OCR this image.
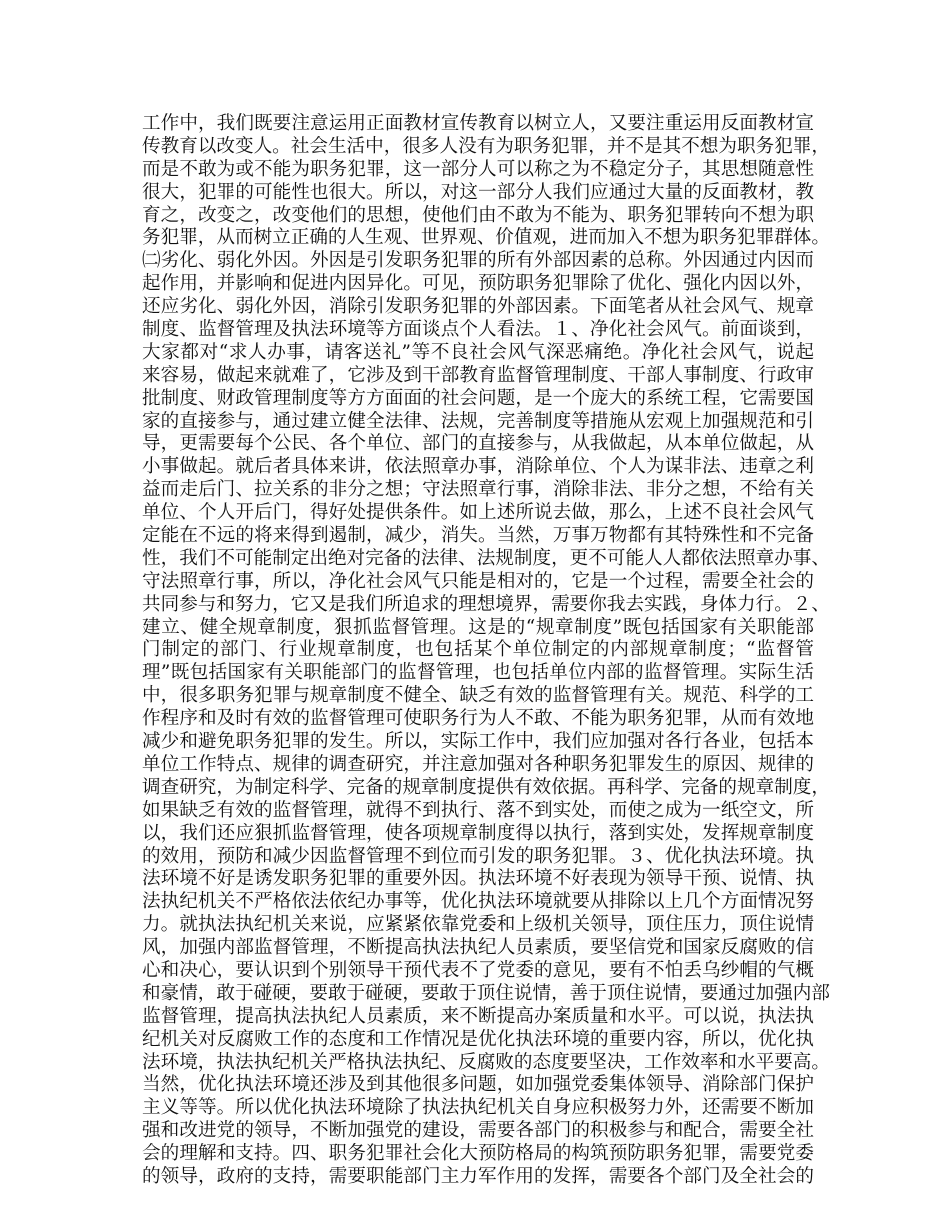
工作中，我们既要注意运用正面教材宣传教育以树立人，又要注重运用反面教材宣
传教育以改变人。社会生活中，很多人没有为职务犯罪，并不是其不想为职务犯罪，
而是不敢为或不能为职务犯罪，这一部分人可以称之为不稳定分子，其思想随意性
很大，犯罪的可能性也很大。所以，对这一部分人我们应通过大量的反面教材，教
育之，改变之，改变他们的思想，使他们由不敢为不能为、职务犯罪转向不想为职
务犯罪，从而树立正确的人生观、世界观、价值观，进而加入不想为职务犯罪群体。
㈡劣化、弱化外因。外因是引发职务犯罪的所有外部因素的总称。外因通过内因而
起作用，并影响和促进内因异化。可见，预防职务犯罪除了优化、强化内因以外，
还应劣化、弱化外因，消除引发职务犯罪的外部因素。下面笔者从社会风气、规章
制度、监督管理及执法环境等方面谈点个人看法。１、净化社会风气。前面谈到，
大家都对“求人办事，请客送礼”等不良社会风气深恶痛绝。净化社会风气，说起
来容易，做起来就难了，它涉及到干部教育监督管理制度、干部人事制度、行政审
批制度、财政管理制度等方方面面的社会问题，是一个庞大的系统工程，它需要国
家的直接参与，通过建立健全法律、法规，完善制度等措施从宏观上加强规范和引
导，更需要每个公民、各个单位、部门的直接参与，从我做起，从本单位做起，从
小事做起。就后者具体来讲，依法照章办事，消除单位、个人为谋非法、违章之利
益而走后门、拉关系的非分之想；守法照章行事，消除非法、非分之想，不给有关
单位、个人开后门，得好处提供条件。如上述所说去做，那么，上述不良社会风气
定能在不远的将来得到遏制，减少，消失。当然，万事万物都有其特殊性和不完备
性，我们不可能制定出绝对完备的法律、法规制度，更不可能人人都依法照章办事、
守法照章行事，所以，净化社会风气只能是相对的，它是一个过程，需要全社会的
共同参与和努力，它又是我们所追求的理想境界，需要你我去实践，身体力行。２、
建立、健全规章制度，狠抓监督管理。这是的“规章制度”既包括国家有关职能部
门制定的部门、行业规章制度，也包括某个单位制定的内部规章制度；“监督管
理”既包括国家有关职能部门的监督管理，也包括单位内部的监督管理。实际生活
中，很多职务犯罪与规章制度不健全、缺乏有效的监督管理有关。规范、科学的工
作程序和及时有效的监督管理可使职务行为人不敢、不能为职务犯罪，从而有效地
减少和避免职务犯罪的发生。所以，实际工作中，我们应加强对各行各业，包括本
单位工作特点、规律的调查研究，并注意加强对各种职务犯罪发生的原因、规律的
调查研究，为制定科学、完备的规章制度提供有效依据。再科学、完备的规章制度，
如果缺乏有效的监督管理，就得不到执行、落不到实处，而使之成为一纸空文，所
以，我们还应狠抓监督管理，使各项规章制度得以执行，落到实处，发挥规章制度
的效用，预防和减少因监督管理不到位而引发的职务犯罪。３、优化执法环境。执
法环境不好是诱发职务犯罪的重要外因。执法环境不好表现为领导干预、说情、执
法执纪机关不严格依法依纪办事等，优化执法环境就要从排除以上几个方面情况努
力。就执法执纪机关来说，应紧紧依靠党委和上级机关领导，顶住压力，顶住说情
风，加强内部监督管理，不断提高执法执纪人员素质，要坚信党和国家反腐败的信
心和决心，要认识到个别领导干预代表不了党委的意见，要有不怕丢乌纱帽的气概
和豪情，敢于碰硬，要敢于碰硬，要敢于顶住说情，善于顶住说情，要通过加强内部
监督管理，提高执法执纪人员素质，来不断提高办案质量和水平。可以说，执法执
纪机关对反腐败工作的态度和工作情况是优化执法环境的重要内容，所以，优化执
法环境，执法执纪机关严格执法执纪、反腐败的态度要坚决，工作效率和水平要高。
当然，优化执法环境还涉及到其他很多问题，如加强党委集体领导、消除部门保护
主义等等。所以优化执法环境除了执法执纪机关自身应积极努力外，还需要不断加
强和改进党的领导，不断加强党的建设，需要各部门的积极参与和配合，需要全社
会的理解和支持。四、职务犯罪社会化大预防格局的构筑预防职务犯罪，需要党委
的领导，政府的支持，需要职能部门主力军作用的发挥，需要各个部门及全社会的
